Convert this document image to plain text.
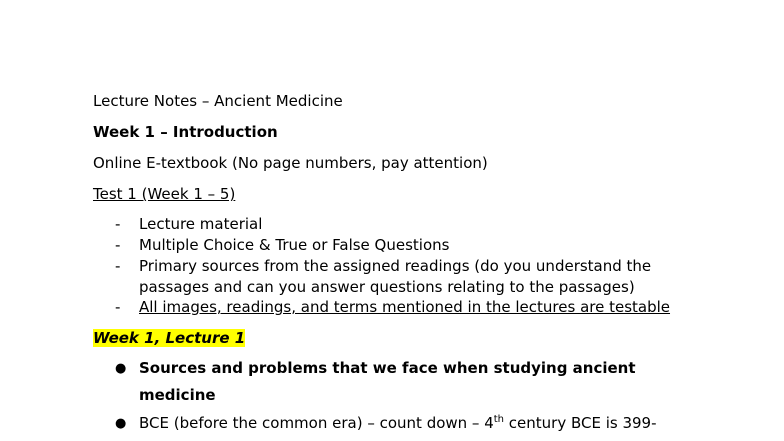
Lecture Notes – Ancient Medicine
Week 1 – Introduction
Online E-textbook (No page numbers, pay attention)
Test 1 (Week 1 – 5)
-	Lecture material
-	Multiple Choice & True or False Questions
-	Primary sources from the assigned readings (do you understand the
passages and can you answer questions relating to the passages)
-	All images, readings, and terms mentioned in the lectures are testable
Week 1, Lecture 1
● Sources and problems that we face when studying ancient
medicine
● BCE (before the common era) – count down – 4th century BCE is 399-
